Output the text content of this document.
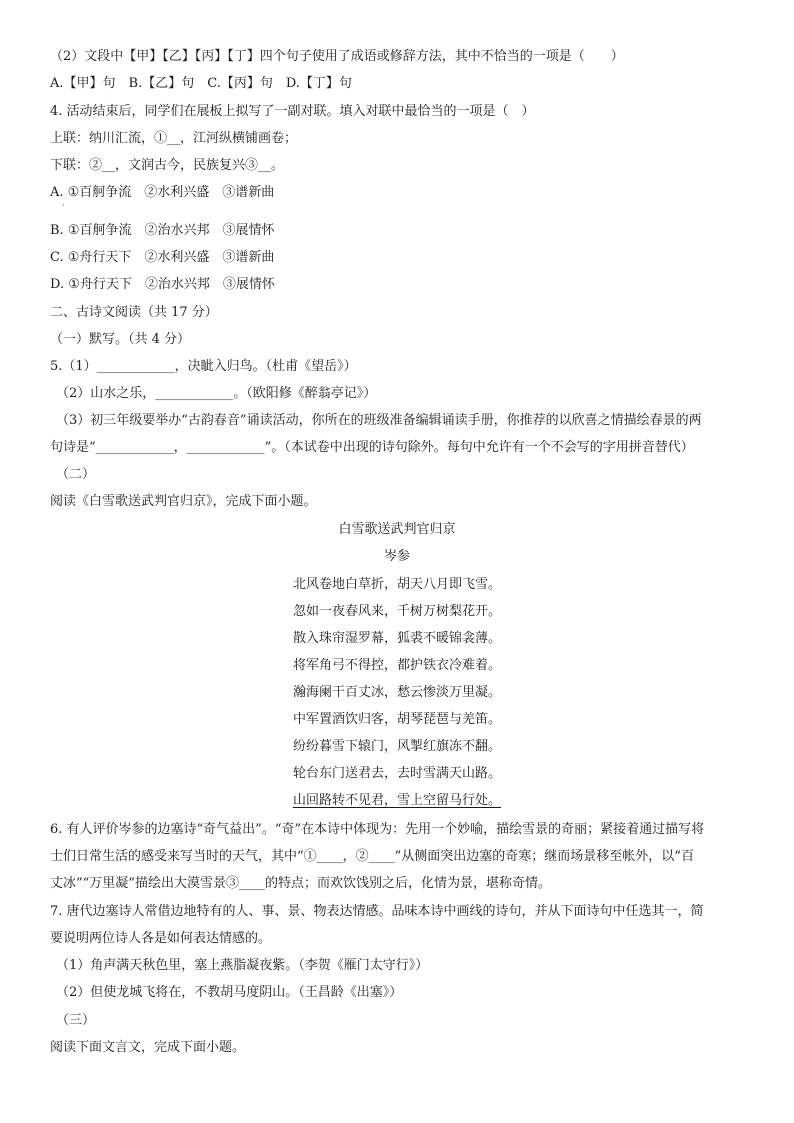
（2）文段中【甲】【乙】【丙】【丁】四个句子使用了成语或修辞方法，其中不恰当的一项是（　　）
A.【甲】句　B.【乙】句　C.【丙】句　D.【丁】句
4. 活动结束后，同学们在展板上拟写了一副对联。填入对联中最恰当的一项是（　）
上联：纳川汇流，①__，江河纵横铺画卷；
下联：②__，文润古今，民族复兴③__。
A. ①百舸争流　②水利兴盛　③谱新曲
·
B. ①百舸争流　②治水兴邦　③展情怀
C. ①舟行天下　②水利兴盛　③谱新曲
D. ①舟行天下　②治水兴邦　③展情怀
二、古诗文阅读（共 17 分）
（一）默写。（共 4 分）
5.（1）____________，决眦入归鸟。（杜甫《望岳》）
（2）山水之乐，____________。（欧阳修《醉翁亭记》）
（3）初三年级要举办“古韵春音”诵读活动，你所在的班级准备编辑诵读手册，你推荐的以欣喜之情描绘春景的两
句诗是“____________，____________”。（本试卷中出现的诗句除外。每句中允许有一个不会写的字用拼音替代）
（二）
阅读《白雪歌送武判官归京》，完成下面小题。
白雪歌送武判官归京
岑参
北风卷地白草折，胡天八月即飞雪。
忽如一夜春风来，千树万树梨花开。
散入珠帘湿罗幕，狐裘不暖锦衾薄。
将军角弓不得控，都护铁衣冷难着。
瀚海阑干百丈冰，愁云惨淡万里凝。
中军置酒饮归客，胡琴琵琶与羌笛。
纷纷暮雪下辕门，风掣红旗冻不翻。
轮台东门送君去，去时雪满天山路。
山回路转不见君，雪上空留马行处。
6. 有人评价岑参的边塞诗“奇气益出”。“奇”在本诗中体现为：先用一个妙喻，描绘雪景的奇丽；紧接着通过描写将
士们日常生活的感受来写当时的天气，其中“①____，②____”从侧面突出边塞的奇寒；继而场景移至帐外，以“百
丈冰”“万里凝”描绘出大漠雪景③____的特点；而欢饮饯别之后，化情为景，堪称奇情。
7. 唐代边塞诗人常借边地特有的人、事、景、物表达情感。品味本诗中画线的诗句，并从下面诗句中任选其一，简
要说明两位诗人各是如何表达情感的。
（1）角声满天秋色里，塞上燕脂凝夜紫。（李贺《雁门太守行》）
（2）但使龙城飞将在，不教胡马度阴山。（王昌龄《出塞》）
（三）
阅读下面文言文，完成下面小题。
